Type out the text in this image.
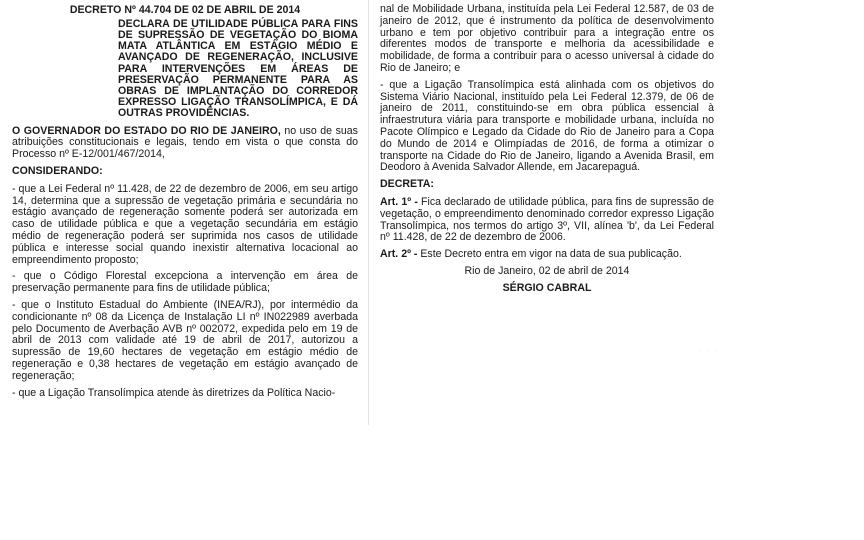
DECRETO Nº 44.704 DE 02 DE ABRIL DE 2014

DECLARA DE UTILIDADE PÚBLICA PARA FINS DE SUPRESSÃO DE VEGETAÇÃO DO BIOMA MATA ATLÂNTICA EM ESTÁGIO MÉDIO E AVANÇADO DE REGENERAÇÃO, INCLUSIVE PARA INTERVENÇÕES EM ÁREAS DE PRESERVAÇÃO PERMANENTE PARA AS OBRAS DE IMPLANTAÇÃO DO CORREDOR EXPRESSO LIGAÇÃO TRANSOLÍMPICA, E DÁ OUTRAS PROVIDÊNCIAS.

O GOVERNADOR DO ESTADO DO RIO DE JANEIRO, no uso de suas atribuições constitucionais e legais, tendo em vista o que consta do Processo nº E-12/001/467/2014,

CONSIDERANDO:

- que a Lei Federal nº 11.428, de 22 de dezembro de 2006, em seu artigo 14, determina que a supressão de vegetação primária e secundária no estágio avançado de regeneração somente poderá ser autorizada em caso de utilidade pública e que a vegetação secundária em estágio médio de regeneração poderá ser suprimida nos casos de utilidade pública e interesse social quando inexistir alternativa locacional ao empreendimento proposto;

- que o Código Florestal excepciona a intervenção em área de preservação permanente para fins de utilidade pública;

- que o Instituto Estadual do Ambiente (INEA/RJ), por intermédio da condicionante nº 08 da Licença de Instalação LI nº IN022989 averbada pelo Documento de Averbação AVB nº 002072, expedida pelo em 19 de abril de 2013 com validade até 19 de abril de 2017, autorizou a supressão de 19,60 hectares de vegetação em estágio médio de regeneração e 0,38 hectares de vegetação em estágio avançado de regeneração;

- que a Ligação Transolímpica atende às diretrizes da Política Nacio-

nal de Mobilidade Urbana, instituída pela Lei Federal 12.587, de 03 de janeiro de 2012, que é instrumento da política de desenvolvimento urbano e tem por objetivo contribuir para a integração entre os diferentes modos de transporte e melhoria da acessibilidade e mobilidade, de forma a contribuir para o acesso universal à cidade do Rio de Janeiro; e

- que a Ligação Transolímpica está alinhada com os objetivos do Sistema Viário Nacional, instituído pela Lei Federal 12.379, de 06 de janeiro de 2011, constituindo-se em obra pública essencial à infraestrutura viária para transporte e mobilidade urbana, incluída no Pacote Olímpico e Legado da Cidade do Rio de Janeiro para a Copa do Mundo de 2014 e Olimpíadas de 2016, de forma a otimizar o transporte na Cidade do Rio de Janeiro, ligando a Avenida Brasil, em Deodoro à Avenida Salvador Allende, em Jacarepaguá.

DECRETA:

Art. 1º - Fica declarado de utilidade pública, para fins de supressão de vegetação, o empreendimento denominado corredor expresso Ligação Transolímpica, nos termos do artigo 3º, VII, alínea 'b', da Lei Federal nº 11.428, de 22 de dezembro de 2006.

Art. 2º - Este Decreto entra em vigor na data de sua publicação.

Rio de Janeiro, 02 de abril de 2014

SÉRGIO CABRAL

···
